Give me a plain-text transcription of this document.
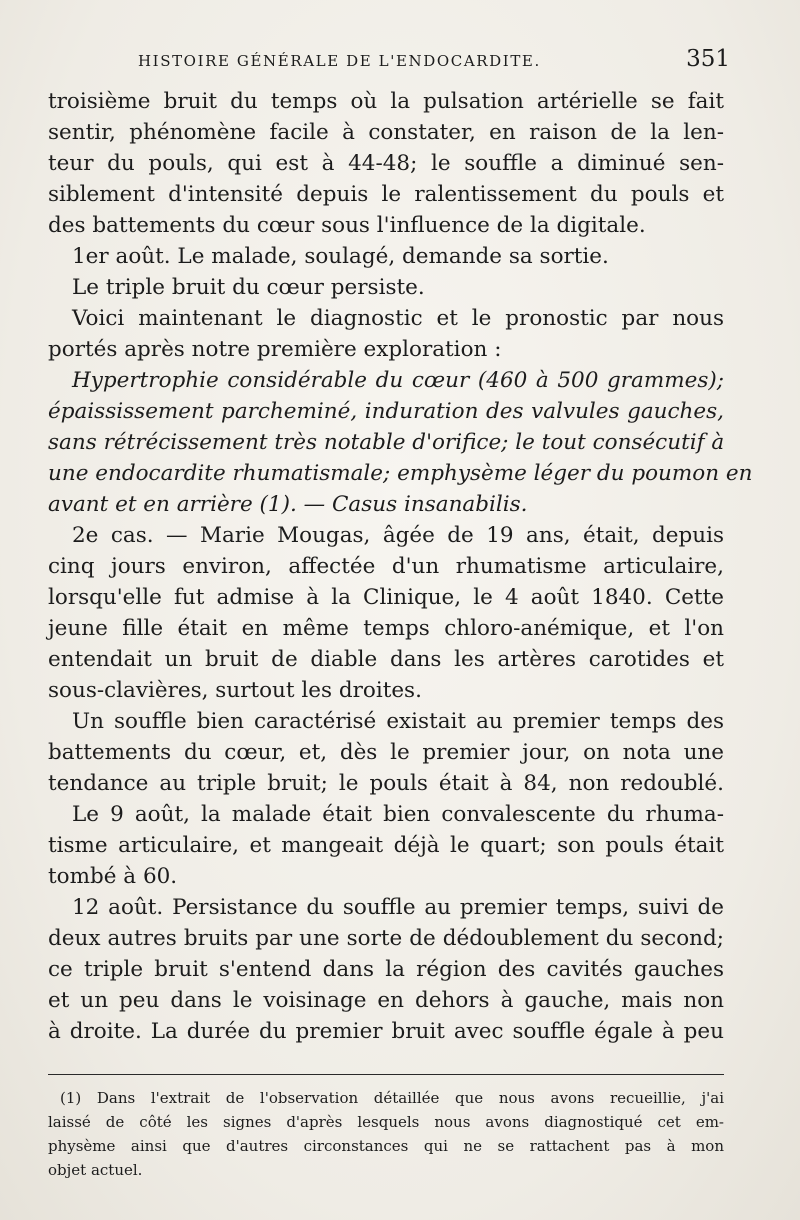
HISTOIRE GÉNÉRALE DE L'ENDOCARDITE.	351
troisième bruit du temps où la pulsation artérielle se fait
sentir, phénomène facile à constater, en raison de la len-
teur du pouls, qui est à 44-48; le souffle a diminué sen-
siblement d'intensité depuis le ralentissement du pouls et
des battements du cœur sous l'influence de la digitale.
1er août. Le malade, soulagé, demande sa sortie.
Le triple bruit du cœur persiste.
Voici maintenant le diagnostic et le pronostic par nous
portés après notre première exploration :
Hypertrophie considérable du cœur (460 à 500 grammes);
épaississement parcheminé, induration des valvules gauches,
sans rétrécissement très notable d'orifice; le tout consécutif à
une endocardite rhumatismale; emphysème léger du poumon en
avant et en arrière (1). — Casus insanabilis.
2e cas. — Marie Mougas, âgée de 19 ans, était, depuis
cinq jours environ, affectée d'un rhumatisme articulaire,
lorsqu'elle fut admise à la Clinique, le 4 août 1840. Cette
jeune fille était en même temps chloro-anémique, et l'on
entendait un bruit de diable dans les artères carotides et
sous-clavières, surtout les droites.
Un souffle bien caractérisé existait au premier temps des
battements du cœur, et, dès le premier jour, on nota une
tendance au triple bruit; le pouls était à 84, non redoublé.
Le 9 août, la malade était bien convalescente du rhuma-
tisme articulaire, et mangeait déjà le quart; son pouls était
tombé à 60.
12 août. Persistance du souffle au premier temps, suivi de
deux autres bruits par une sorte de dédoublement du second;
ce triple bruit s'entend dans la région des cavités gauches
et un peu dans le voisinage en dehors à gauche, mais non
à droite. La durée du premier bruit avec souffle égale à peu
(1) Dans l'extrait de l'observation détaillée que nous avons recueillie, j'ai
laissé de côté les signes d'après lesquels nous avons diagnostiqué cet em-
physème ainsi que d'autres circonstances qui ne se rattachent pas à mon
objet actuel.
